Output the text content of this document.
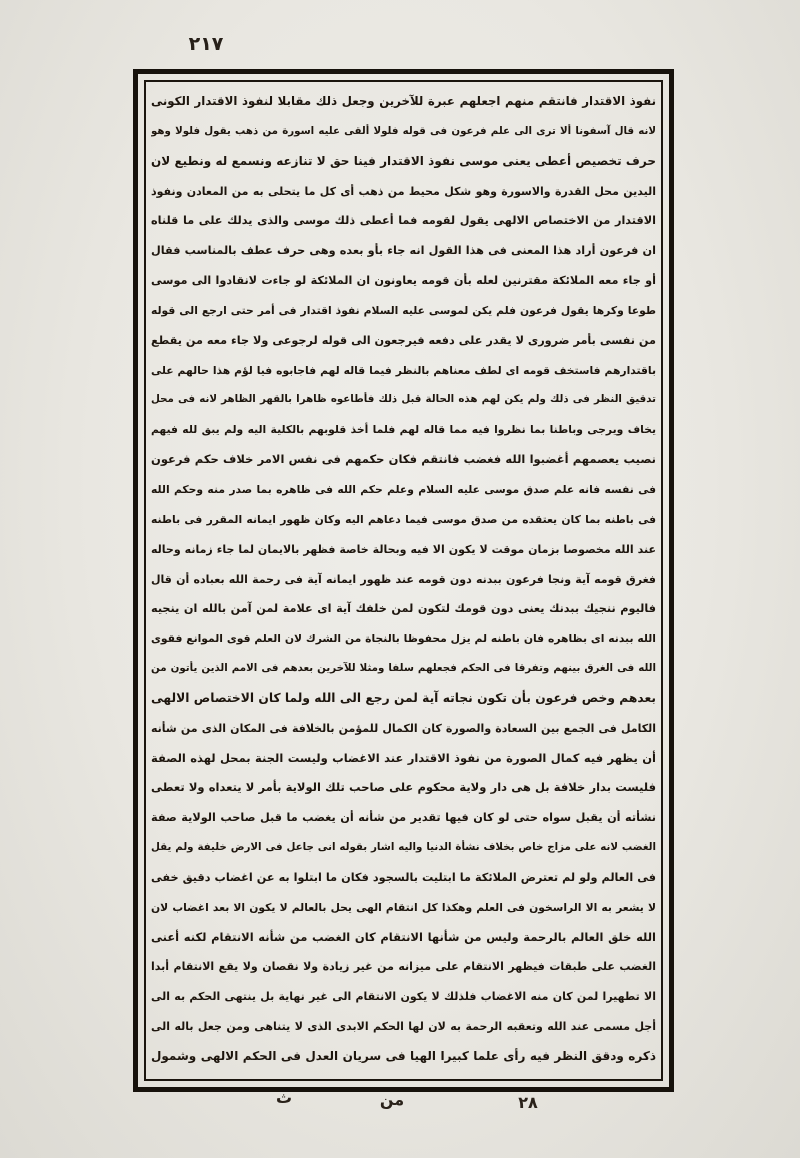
٢١٧
نفوذ الاقتدار فانتقم منهم اجعلهم عبرة للآخرين وجعل ذلك مقابلا لنفوذ الاقتدار الكونى
لانه قال آسفونا ألا ترى الى علم فرعون فى قوله فلولا ألقى عليه اسورة من ذهب يقول فلولا وهو
حرف تخصيص أعطى يعنى موسى نفوذ الاقتدار فينا حق لا تنازعه ونسمع له ونطيع لان
اليدين محل القدرة والاسورة وهو شكل محيط من ذهب أى كل ما يتحلى به من المعادن ونفوذ
الاقتدار من الاختصاص الالهى يقول لقومه فما أعطى ذلك موسى والذى يدلك على ما قلناه
ان فرعون أراد هذا المعنى فى هذا القول انه جاء بأو بعده وهى حرف عطف بالمناسب فقال
أو جاء معه الملائكة مقترنين لعله بأن قومه يعاونون ان الملائكة لو جاءت لانقادوا الى موسى
طوعا وكرها يقول فرعون فلم يكن لموسى عليه السلام نفوذ اقتدار فى أمر حتى ارجع الى قوله
من نفسى بأمر ضرورى لا يقدر على دفعه فيرجعون الى قوله لرجوعى ولا جاء معه من يقطع
باقتدارهم فاستخف قومه اى لطف معناهم بالنظر فيما قاله لهم فاجابوه فيا لؤم هذا حالهم على
تدقيق النظر فى ذلك ولم يكن لهم هذه الحالة قبل ذلك فأطاعوه ظاهرا بالقهر الظاهر لانه فى محل
يخاف ويرجى وباطنا بما نظروا فيه مما قاله لهم فلما أخذ قلوبهم بالكلية اليه ولم يبق لله فيهم
نصيب يعصمهم أغضبوا الله فغضب فانتقم فكان حكمهم فى نفس الامر خلاف حكم فرعون
فى نفسه فانه علم صدق موسى عليه السلام وعلم حكم الله فى ظاهره بما صدر منه وحكم الله
فى باطنه بما كان يعتقده من صدق موسى فيما دعاهم اليه وكان ظهور ايمانه المقرر فى باطنه
عند الله مخصوصا بزمان موقت لا يكون الا فيه وبحالة خاصة فظهر بالايمان لما جاء زمانه وحاله
فغرق قومه آية ونجا فرعون ببدنه دون قومه عند ظهور ايمانه آية فى رحمة الله بعباده أن قال
فاليوم ننجيك ببدنك يعنى دون قومك لتكون لمن خلفك آية اى علامة لمن آمن بالله ان ينجيه
الله ببدنه اى بظاهره فان باطنه لم يزل محفوظا بالنجاة من الشرك لان العلم قوى الموانع فقوى
الله فى الغرق بينهم وتفرقا فى الحكم فجعلهم سلفا ومثلا للآخرين بعدهم فى الامم الذين يأتون من
بعدهم وخص فرعون بأن تكون نجاته آية لمن رجع الى الله ولما كان الاختصاص الالهى
الكامل فى الجمع بين السعادة والصورة كان الكمال للمؤمن بالخلافة فى المكان الذى من شأنه
أن يظهر فيه كمال الصورة من نفوذ الاقتدار عند الاغضاب وليست الجنة بمحل لهذه الصفة
فليست بدار خلافة بل هى دار ولاية محكوم على صاحب تلك الولاية بأمر لا يتعداه ولا تعطى
نشأته أن يقبل سواه حتى لو كان فيها تقدير من شأنه أن يغضب ما قبل صاحب الولاية صفة
الغضب لانه على مزاج خاص بخلاف نشأة الدنيا واليه اشار بقوله انى جاعل فى الارض خليفة ولم يقل
فى العالم ولو لم تعترض الملائكة ما ابتليت بالسجود فكان ما ابتلوا به عن اغضاب دقيق خفى
لا يشعر به الا الراسخون فى العلم وهكذا كل انتقام الهى يحل بالعالم لا يكون الا بعد اغضاب لان
الله خلق العالم بالرحمة وليس من شأنها الانتقام كان الغضب من شأنه الانتقام لكنه أعنى
الغضب على طبقات فيظهر الانتقام على ميزانه من غير زيادة ولا نقصان ولا يقع الانتقام أبدا
الا تطهيرا لمن كان منه الاغضاب فلذلك لا يكون الانتقام الى غير نهاية بل ينتهى الحكم به الى
أجل مسمى عند الله وتعقبه الرحمة به لان لها الحكم الابدى الذى لا يتناهى ومن جعل باله الى
ذكره ودقق النظر فيه رأى علما كبيرا الهيا فى سريان العدل فى الحكم الالهى وشمول
٢٨
من
ث
